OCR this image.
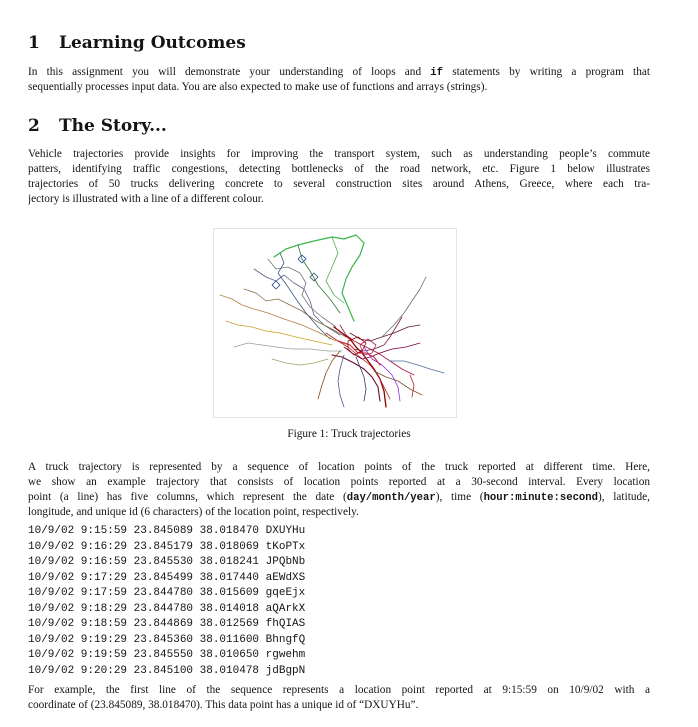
1 Learning Outcomes
In this assignment you will demonstrate your understanding of loops and if statements by writing a program that
sequentially processes input data. You are also expected to make use of functions and arrays (strings).
2 The Story...
Vehicle trajectories provide insights for improving the transport system, such as understanding people’s commute
patters, identifying traffic congestions, detecting bottlenecks of the road network, etc. Figure 1 below illustrates
trajectories of 50 trucks delivering concrete to several construction sites around Athens, Greece, where each tra-
jectory is illustrated with a line of a different colour.
Figure 1: Truck trajectories
A truck trajectory is represented by a sequence of location points of the truck reported at different time. Here,
we show an example trajectory that consists of location points reported at a 30-second interval. Every location
point (a line) has five columns, which represent the date (day/month/year), time (hour:minute:second), latitude,
longitude, and unique id (6 characters) of the location point, respectively.
10/9/02 9:15:59 23.845089 38.018470 DXUYHu
10/9/02 9:16:29 23.845179 38.018069 tKoPTx
10/9/02 9:16:59 23.845530 38.018241 JPQbNb
10/9/02 9:17:29 23.845499 38.017440 aEWdXS
10/9/02 9:17:59 23.844780 38.015609 gqeEjx
10/9/02 9:18:29 23.844780 38.014018 aQArkX
10/9/02 9:18:59 23.844869 38.012569 fhQIAS
10/9/02 9:19:29 23.845360 38.011600 BhngfQ
10/9/02 9:19:59 23.845550 38.010650 rgwehm
10/9/02 9:20:29 23.845100 38.010478 jdBgpN
For example, the first line of the sequence represents a location point reported at 9:15:59 on 10/9/02 with a
coordinate of (23.845089, 38.018470). This data point has a unique id of “DXUYHu”.
